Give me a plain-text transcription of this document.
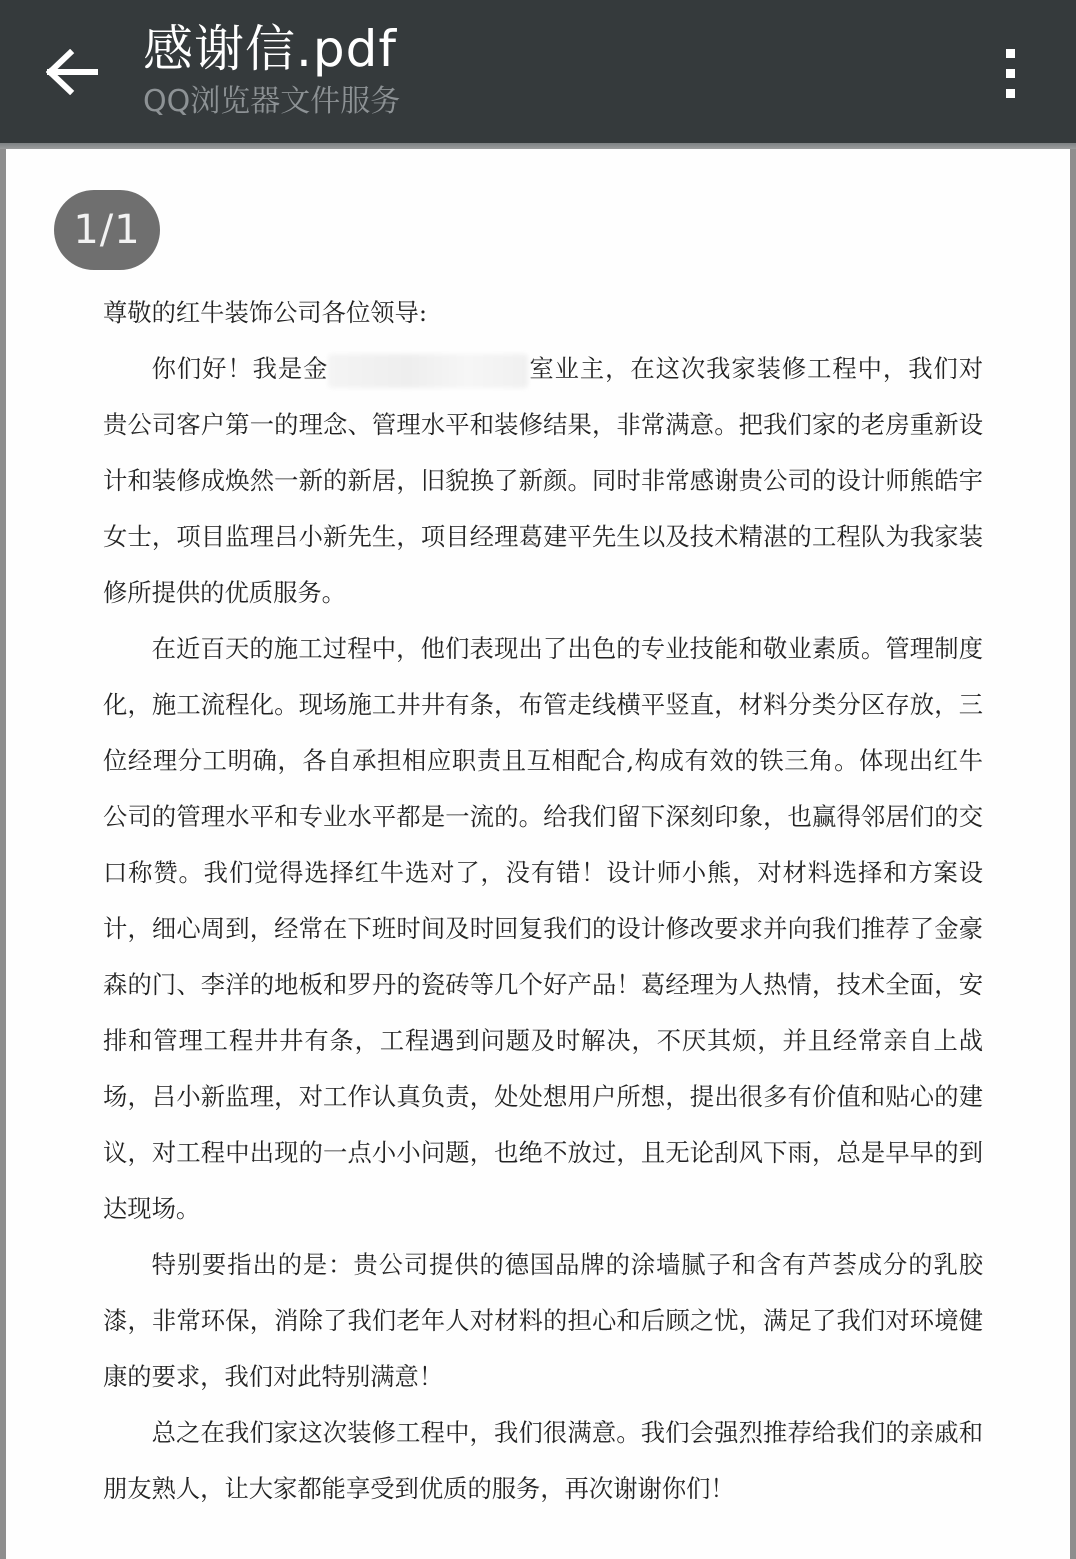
感谢信.pdf
QQ浏览器文件服务
1/1

尊敬的红牛装饰公司各位领导:

你们好！我是金	室业主，在这次我家装修工程中，我们对贵公司客户第一的理念、管理水平和装修结果，非常满意。把我们家的老房重新设计和装修成焕然一新的新居，旧貌换了新颜。同时非常感谢贵公司的设计师熊皓宇女士，项目监理吕小新先生，项目经理葛建平先生以及技术精湛的工程队为我家装修所提供的优质服务。

在近百天的施工过程中，他们表现出了出色的专业技能和敬业素质。管理制度化，施工流程化。现场施工井井有条，布管走线横平竖直，材料分类分区存放，三位经理分工明确，各自承担相应职责且互相配合,构成有效的铁三角。体现出红牛公司的管理水平和专业水平都是一流的。给我们留下深刻印象，也赢得邻居们的交口称赞。我们觉得选择红牛选对了，没有错！设计师小熊，对材料选择和方案设计，细心周到，经常在下班时间及时回复我们的设计修改要求并向我们推荐了金豪森的门、李洋的地板和罗丹的瓷砖等几个好产品！葛经理为人热情，技术全面，安排和管理工程井井有条，工程遇到问题及时解决，不厌其烦，并且经常亲自上战场，吕小新监理，对工作认真负责，处处想用户所想，提出很多有价值和贴心的建议，对工程中出现的一点小小问题，也绝不放过，且无论刮风下雨，总是早早的到达现场。

特别要指出的是：贵公司提供的德国品牌的涂墙腻子和含有芦荟成分的乳胶漆，非常环保，消除了我们老年人对材料的担心和后顾之忧，满足了我们对环境健康的要求，我们对此特别满意！

总之在我们家这次装修工程中，我们很满意。我们会强烈推荐给我们的亲戚和朋友熟人，让大家都能享受到优质的服务，再次谢谢你们！
